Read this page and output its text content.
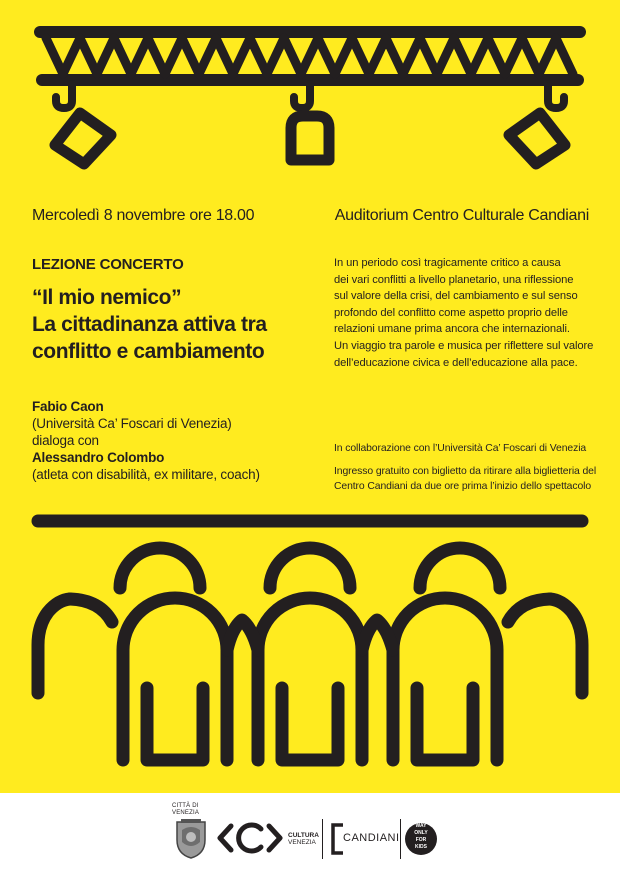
Mercoledì 8 novembre ore 18.00	Auditorium Centro Culturale Candiani
LEZIONE CONCERTO
“Il mio nemico”
La cittadinanza attiva tra
conflitto e cambiamento
Fabio Caon
(Università Ca’ Foscari di Venezia)
dialoga con
Alessandro Colombo
(atleta con disabilità, ex militare, coach)
In un periodo così tragicamente critico a causa
dei vari conflitti a livello planetario, una riflessione
sul valore della crisi, del cambiamento e sul senso
profondo del conflitto come aspetto proprio delle
relazioni umane prima ancora che internazionali.
Un viaggio tra parole e musica per riflettere sul valore
dell’educazione civica e dell’educazione alla pace.
In collaborazione con l’Università Ca’ Foscari di Venezia
Ingresso gratuito con biglietto da ritirare alla biglietteria del
Centro Candiani da due ore prima l’inizio dello spettacolo
CITTÀ DI
VENEZIA
CULTURA
VENEZIA CANDIANI
WAY
ONLY
FOR
KIDS
